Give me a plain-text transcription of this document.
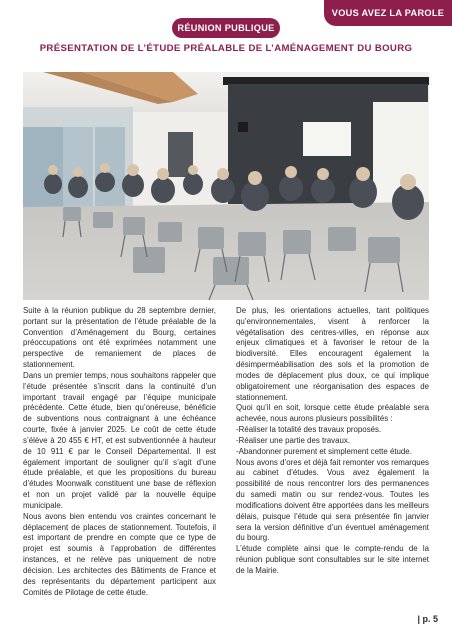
VOUS AVEZ LA PAROLE
RÉUNION PUBLIQUE
PRÉSENTATION DE L’ÉTUDE PRÉALABLE DE L’AMÉNAGEMENT DU BOURG

Suite à la réunion publique du 28 septembre dernier, portant sur la présentation de l’étude préalable de la Convention d’Aménagement du Bourg, certaines préoccupations ont été exprimées notamment une perspective de remaniement de places de stationnement.

Dans un premier temps, nous souhaitons rappeler que l’étude présentée s’inscrit dans la continuité d’un important travail engagé par l’équipe municipale précédente. Cette étude, bien qu’onéreuse, bénéficie de subventions nous contraignant à une échéance courte, fixée à janvier 2025. Le coût de cette étude s’élève à 20 455 € HT, et est subventionnée à hauteur de 10 911 € par le Conseil Départemental. Il est également important de souligner qu’il s’agit d’une étude préalable, et que les propositions du bureau d’études Moonwalk constituent une base de réflexion et non un projet validé par la nouvelle équipe municipale.

Nous avons bien entendu vos craintes concernant le déplacement de places de stationnement. Toutefois, il est important de prendre en compte que ce type de projet est soumis à l’approbation de différentes instances, et ne relève pas uniquement de notre décision. Les architectes des Bâtiments de France et des représentants du département participent aux Comités de Pilotage de cette étude.

De plus, les orientations actuelles, tant politiques qu’environnementales, visent à renforcer la végétalisation des centres-villes, en réponse aux enjeux climatiques et à favoriser le retour de la biodiversité. Elles encouragent également la désimperméabilisation des sols et la promotion de modes de déplacement plus doux, ce qui implique obligatoirement une réorganisation des espaces de stationnement.

Quoi qu’il en soit, lorsque cette étude préalable sera achevée, nous aurons plusieurs possibilités :

-Réaliser la totalité des travaux proposés.

-Réaliser une partie des travaux.

-Abandonner purement et simplement cette étude.

Nous avons d’ores et déjà fait remonter vos remarques au cabinet d’études. Vous avez également la possibilité de nous rencontrer lors des permanences du samedi matin ou sur rendez-vous. Toutes les modifications doivent être apportées dans les meilleurs délais, puisque l’étude qui sera présentée fin janvier sera la version définitive d’un éventuel aménagement du bourg.

L’étude complète ainsi que le compte-rendu de la réunion publique sont consultables sur le site internet de la Mairie.

| p. 5
